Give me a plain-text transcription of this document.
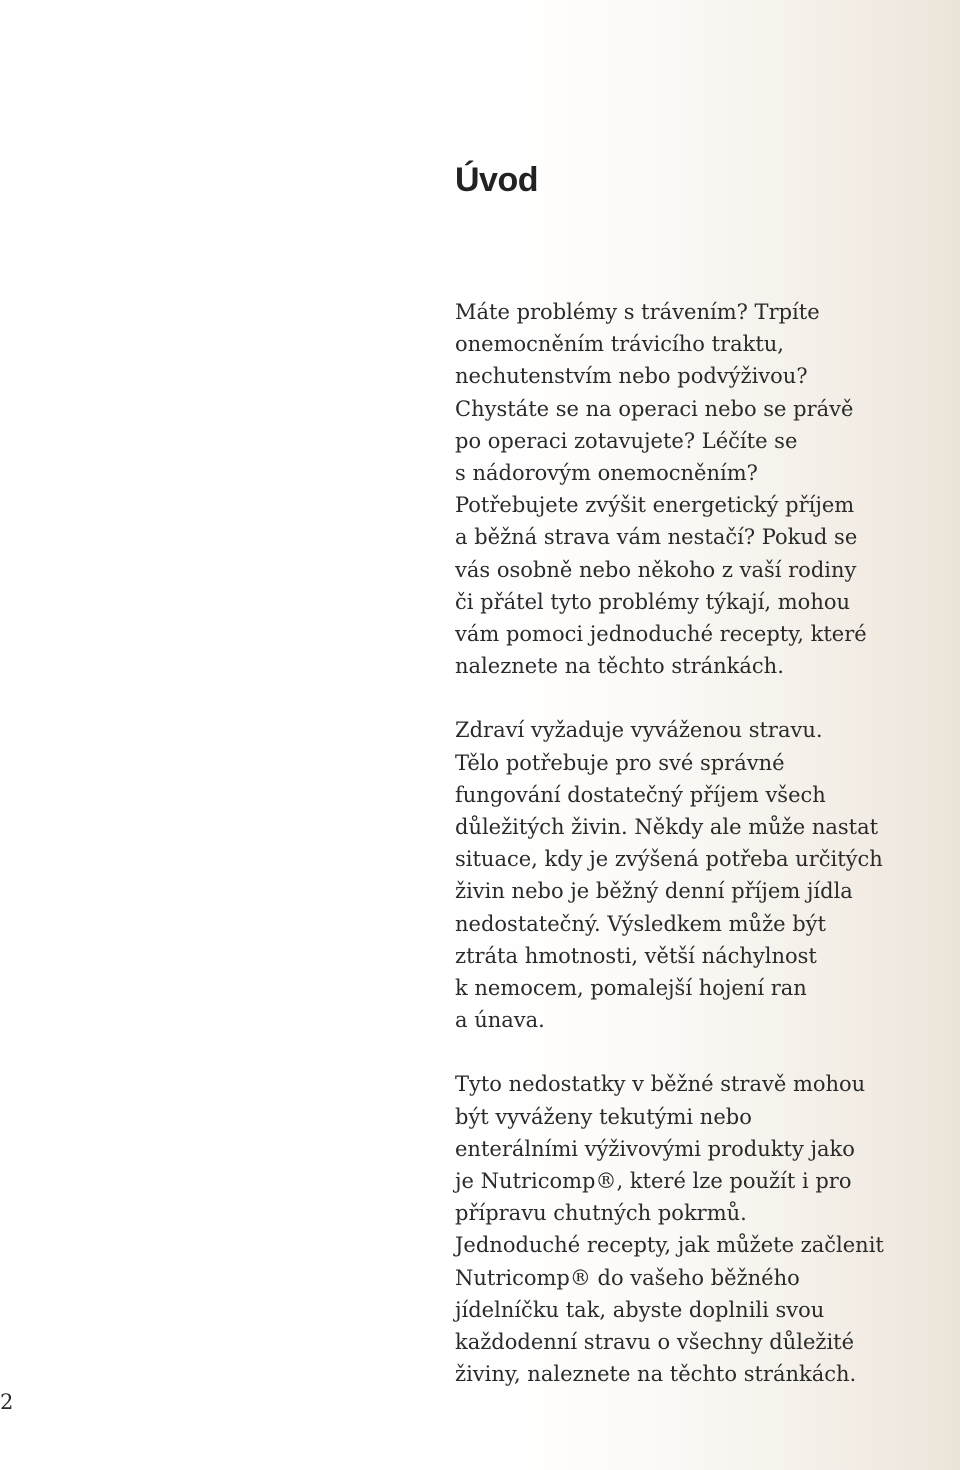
Úvod

Máte problémy s trávením? Trpíte
onemocněním trávicího traktu,
nechutenstvím nebo podvýživou?
Chystáte se na operaci nebo se právě
po operaci zotavujete? Léčíte se
s nádorovým onemocněním?
Potřebujete zvýšit energetický příjem
a běžná strava vám nestačí? Pokud se
vás osobně nebo někoho z vaší rodiny
či přátel tyto problémy týkají, mohou
vám pomoci jednoduché recepty, které
naleznete na těchto stránkách.

Zdraví vyžaduje vyváženou stravu.
Tělo potřebuje pro své správné
fungování dostatečný příjem všech
důležitých živin. Někdy ale může nastat
situace, kdy je zvýšená potřeba určitých
živin nebo je běžný denní příjem jídla
nedostatečný. Výsledkem může být
ztráta hmotnosti, větší náchylnost
k nemocem, pomalejší hojení ran
a únava.

Tyto nedostatky v běžné stravě mohou
být vyváženy tekutými nebo
enterálními výživovými produkty jako
je Nutricomp®, které lze použít i pro
přípravu chutných pokrmů.
Jednoduché recepty, jak můžete začlenit
Nutricomp® do vašeho běžného
jídelníčku tak, abyste doplnili svou
každodenní stravu o všechny důležité
živiny, naleznete na těchto stránkách.

2
